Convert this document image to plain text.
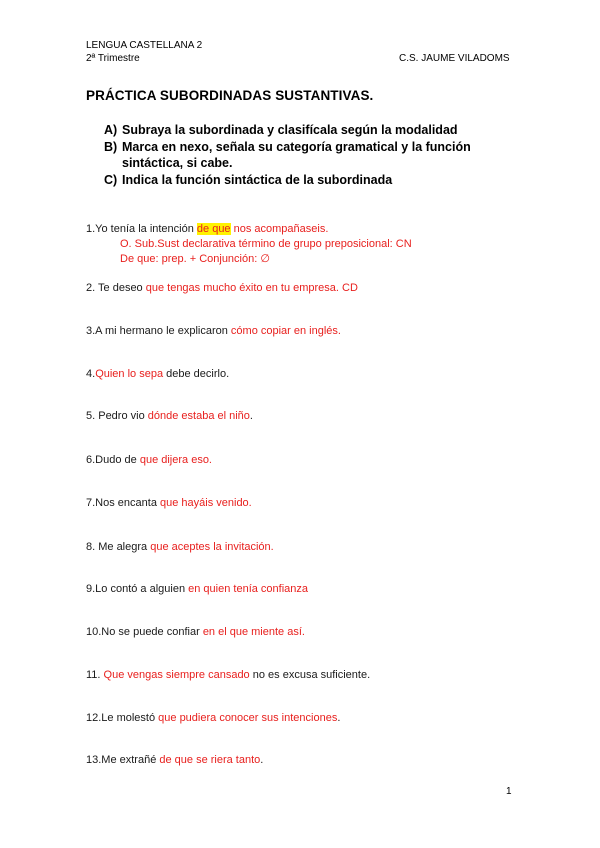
LENGUA CASTELLANA 2
2ª Trimestre	C.S. JAUME VILADOMS
PRÁCTICA SUBORDINADAS SUSTANTIVAS.
A) Subraya la subordinada y clasifícala según la modalidad
B) Marca en nexo, señala su categoría gramatical y la función
sintáctica, si cabe.
C) Indica la función sintáctica de la subordinada
1.Yo tenía la intención de que nos acompañaseis.
O. Sub.Sust declarativa término de grupo preposicional: CN
De que: prep. + Conjunción: ∅
2. Te deseo que tengas mucho éxito en tu empresa. CD
3.A mi hermano le explicaron cómo copiar en inglés.
4.Quien lo sepa debe decirlo.
5. Pedro vio dónde estaba el niño.
6.Dudo de que dijera eso.
7.Nos encanta que hayáis venido.
8. Me alegra que aceptes la invitación.
9.Lo contó a alguien en quien tenía confianza
10.No se puede confiar en el que miente así.
11. Que vengas siempre cansado no es excusa suficiente.
12.Le molestó que pudiera conocer sus intenciones.
13.Me extrañé de que se riera tanto.
1
